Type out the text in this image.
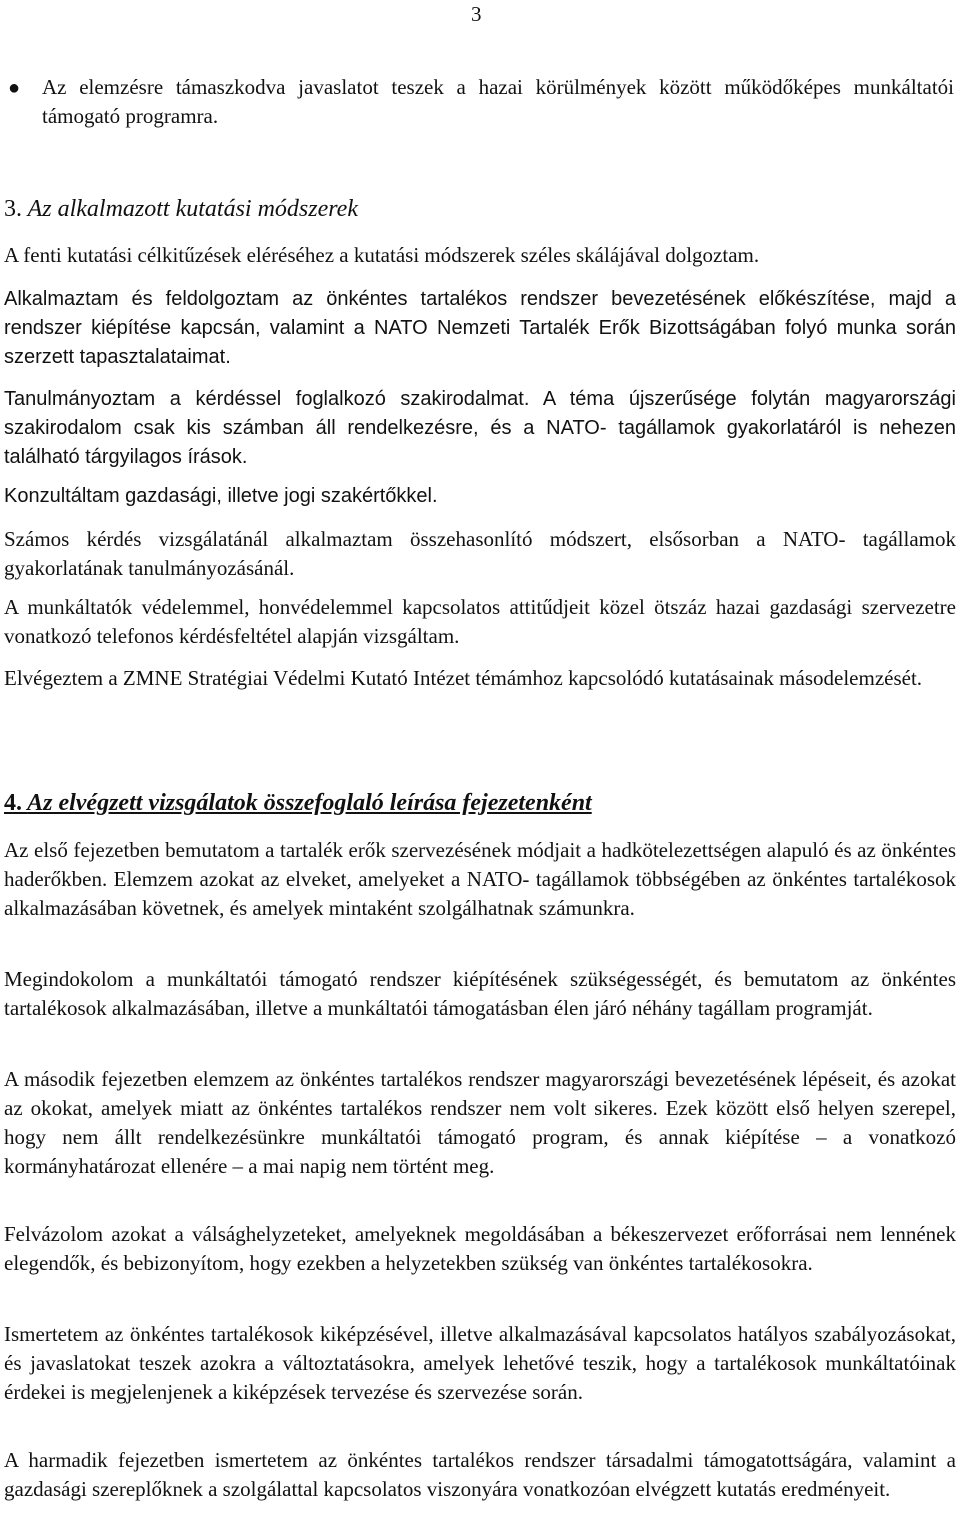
3
●	Az elemzésre támaszkodva javaslatot teszek a hazai körülmények között működőképes munkáltatói támogató programra.
3. Az alkalmazott kutatási módszerek

A fenti kutatási célkitűzések eléréséhez a kutatási módszerek széles skálájával dolgoztam.

Alkalmaztam és feldolgoztam az önkéntes tartalékos rendszer bevezetésének előkészítése, majd a rendszer kiépítése kapcsán, valamint a NATO Nemzeti Tartalék Erők Bizottságában folyó munka során szerzett tapasztalataimat.

Tanulmányoztam a kérdéssel foglalkozó szakirodalmat. A téma újszerűsége folytán magyarországi szakirodalom csak kis számban áll rendelkezésre, és a NATO- tagállamok gyakorlatáról is nehezen található tárgyilagos írások.

Konzultáltam gazdasági, illetve jogi szakértőkkel.

Számos kérdés vizsgálatánál alkalmaztam összehasonlító módszert, elsősorban a NATO- tagállamok gyakorlatának tanulmányozásánál.

A munkáltatók védelemmel, honvédelemmel kapcsolatos attitűdjeit közel ötszáz hazai gazdasági szervezetre vonatkozó telefonos kérdésfeltétel alapján vizsgáltam.

Elvégeztem a ZMNE Stratégiai Védelmi Kutató Intézet témámhoz kapcsolódó kutatásainak másodelemzését.

4. Az elvégzett vizsgálatok összefoglaló leírása fejezetenként

Az első fejezetben bemutatom a tartalék erők szervezésének módjait a hadkötelezettségen alapuló és az önkéntes haderőkben. Elemzem azokat az elveket, amelyeket a NATO- tagállamok többségében az önkéntes tartalékosok alkalmazásában követnek, és amelyek mintaként szolgálhatnak számunkra.

Megindokolom a munkáltatói támogató rendszer kiépítésének szükségességét, és bemutatom az önkéntes tartalékosok alkalmazásában, illetve a munkáltatói támogatásban élen járó néhány tagállam programját.

A második fejezetben elemzem az önkéntes tartalékos rendszer magyarországi bevezetésének lépéseit, és azokat az okokat, amelyek miatt az önkéntes tartalékos rendszer nem volt sikeres. Ezek között első helyen szerepel, hogy nem állt rendelkezésünkre munkáltatói támogató program, és annak kiépítése – a vonatkozó kormányhatározat ellenére – a mai napig nem történt meg.

Felvázolom azokat a válsághelyzeteket, amelyeknek megoldásában a békeszervezet erőforrásai nem lennének elegendők, és bebizonyítom, hogy ezekben a helyzetekben szükség van önkéntes tartalékosokra.

Ismertetem az önkéntes tartalékosok kiképzésével, illetve alkalmazásával kapcsolatos hatályos szabályozásokat, és javaslatokat teszek azokra a változtatásokra, amelyek lehetővé teszik, hogy a tartalékosok munkáltatóinak érdekei is megjelenjenek a kiképzések tervezése és szervezése során.

A harmadik fejezetben ismertetem az önkéntes tartalékos rendszer társadalmi támogatottságára, valamint a gazdasági szereplőknek a szolgálattal kapcsolatos viszonyára vonatkozóan elvégzett kutatás eredményeit.
